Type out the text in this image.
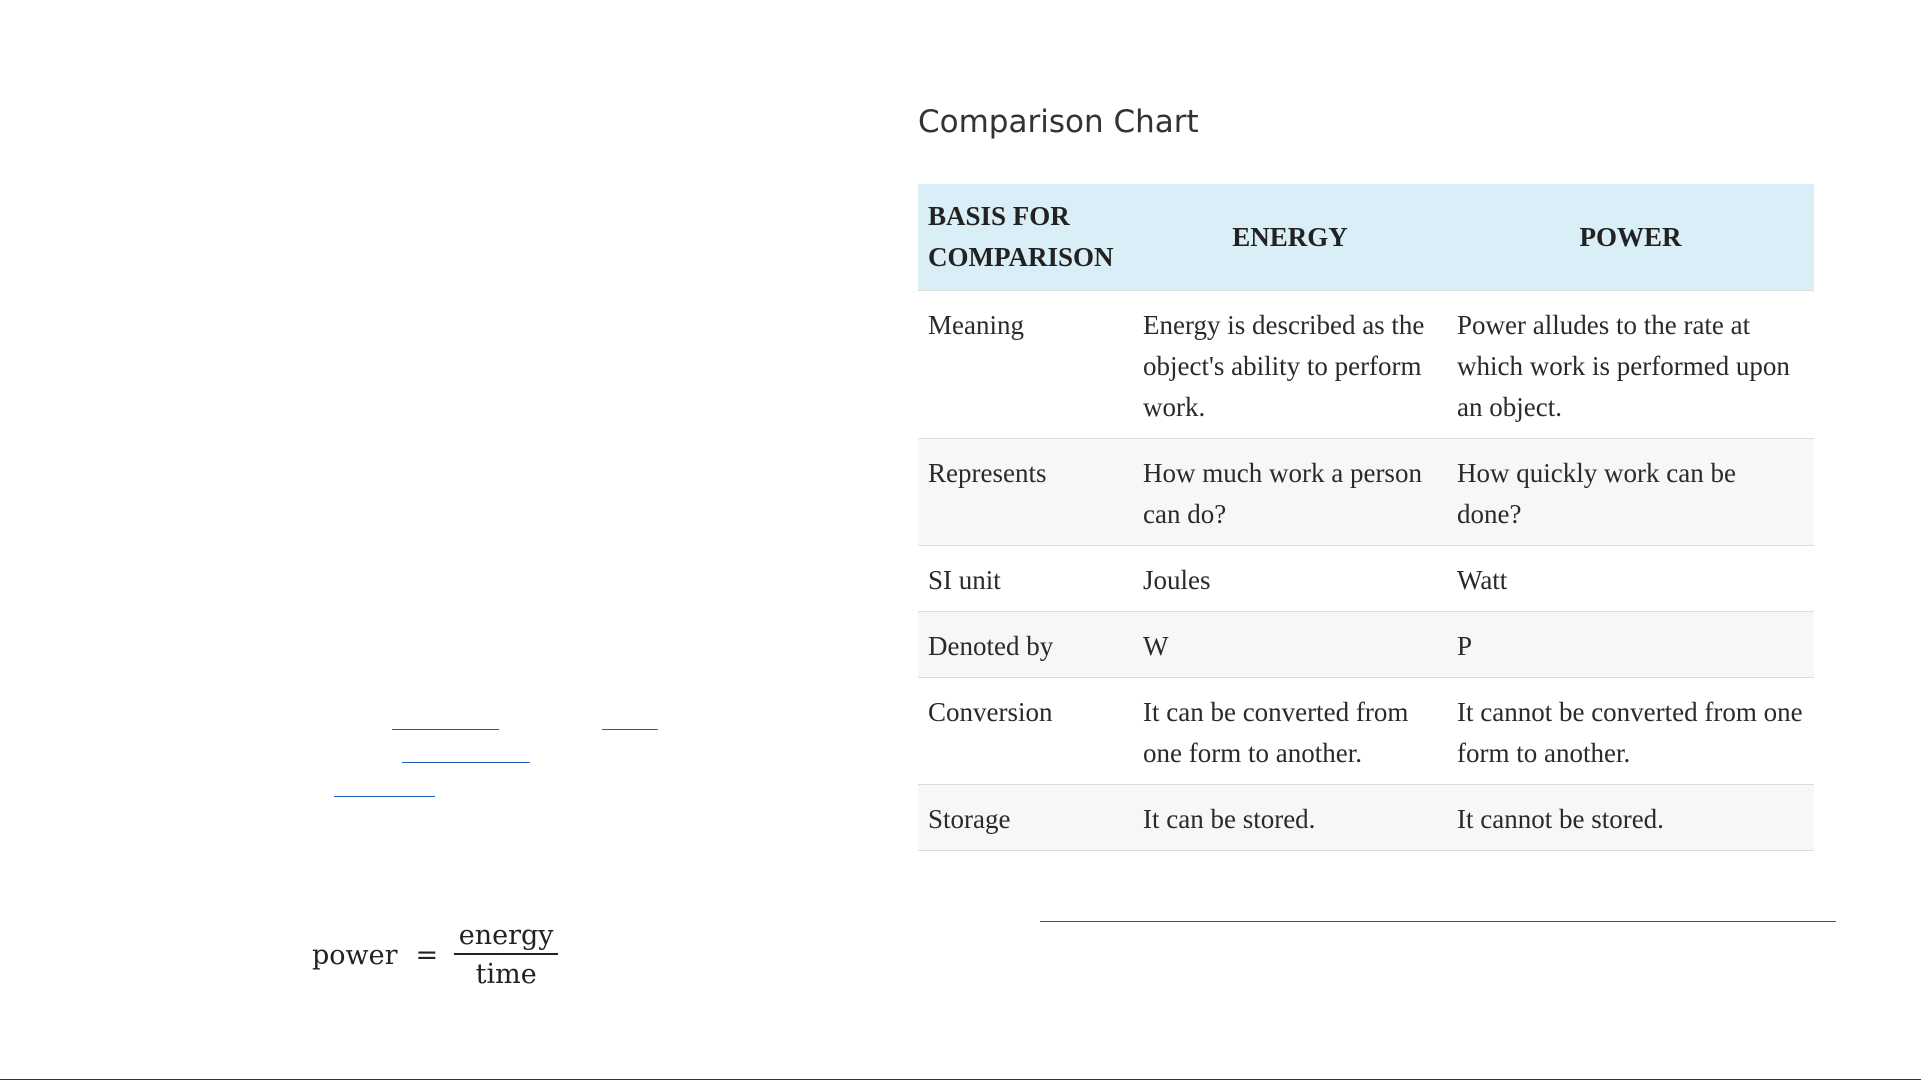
power = $\frac{\text{energy}}{\text{time}}$
Comparison Chart
BASIS FOR COMPARISON	ENERGY	POWER
Meaning	Energy is described as the object's ability to perform work.	Power alludes to the rate at which work is performed upon an object.
Represents	How much work a person can do?	How quickly work can be done?
SI unit	Joules	Watt
Denoted by	W	P
Conversion	It can be converted from one form to another.	It cannot be converted from one form to another.
Storage	It can be stored.	It cannot be stored.
